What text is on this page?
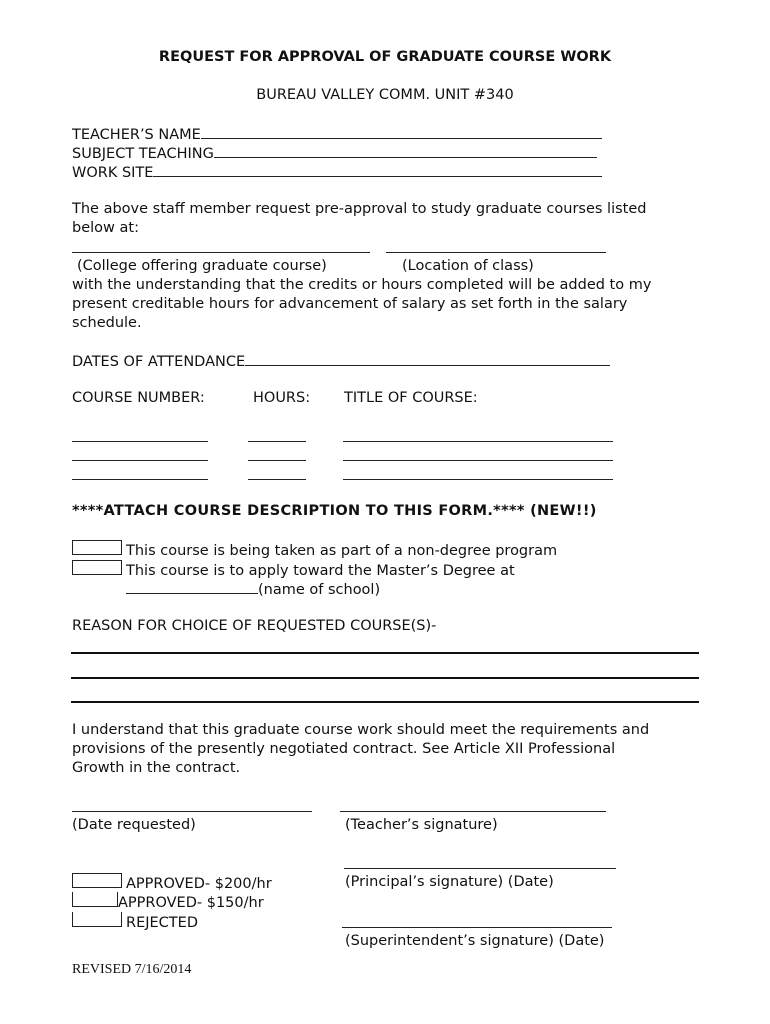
REQUEST FOR APPROVAL OF GRADUATE COURSE WORK
BUREAU VALLEY COMM. UNIT #340
TEACHER’S NAME
SUBJECT TEACHING
WORK SITE
The above staff member request pre-approval to study graduate courses listed
below at:
(College offering graduate course)	(Location of class)
with the understanding that the credits or hours completed will be added to my
present creditable hours for advancement of salary as set forth in the salary
schedule.
DATES OF ATTENDANCE
COURSE NUMBER:	HOURS: TITLE OF COURSE:
****ATTACH COURSE DESCRIPTION TO THIS FORM.**** (NEW!!)
This course is being taken as part of a non-degree program
This course is to apply toward the Master’s Degree at
(name of school)
REASON FOR CHOICE OF REQUESTED COURSE(S)-
I understand that this graduate course work should meet the requirements and
provisions of the presently negotiated contract. See Article XII Professional
Growth in the contract.
(Date requested)	(Teacher’s signature)
(Principal’s signature) (Date)
APPROVED- $200/hr
APPROVED- $150/hr
REJECTED
(Superintendent’s signature) (Date)
REVISED 7/16/2014
